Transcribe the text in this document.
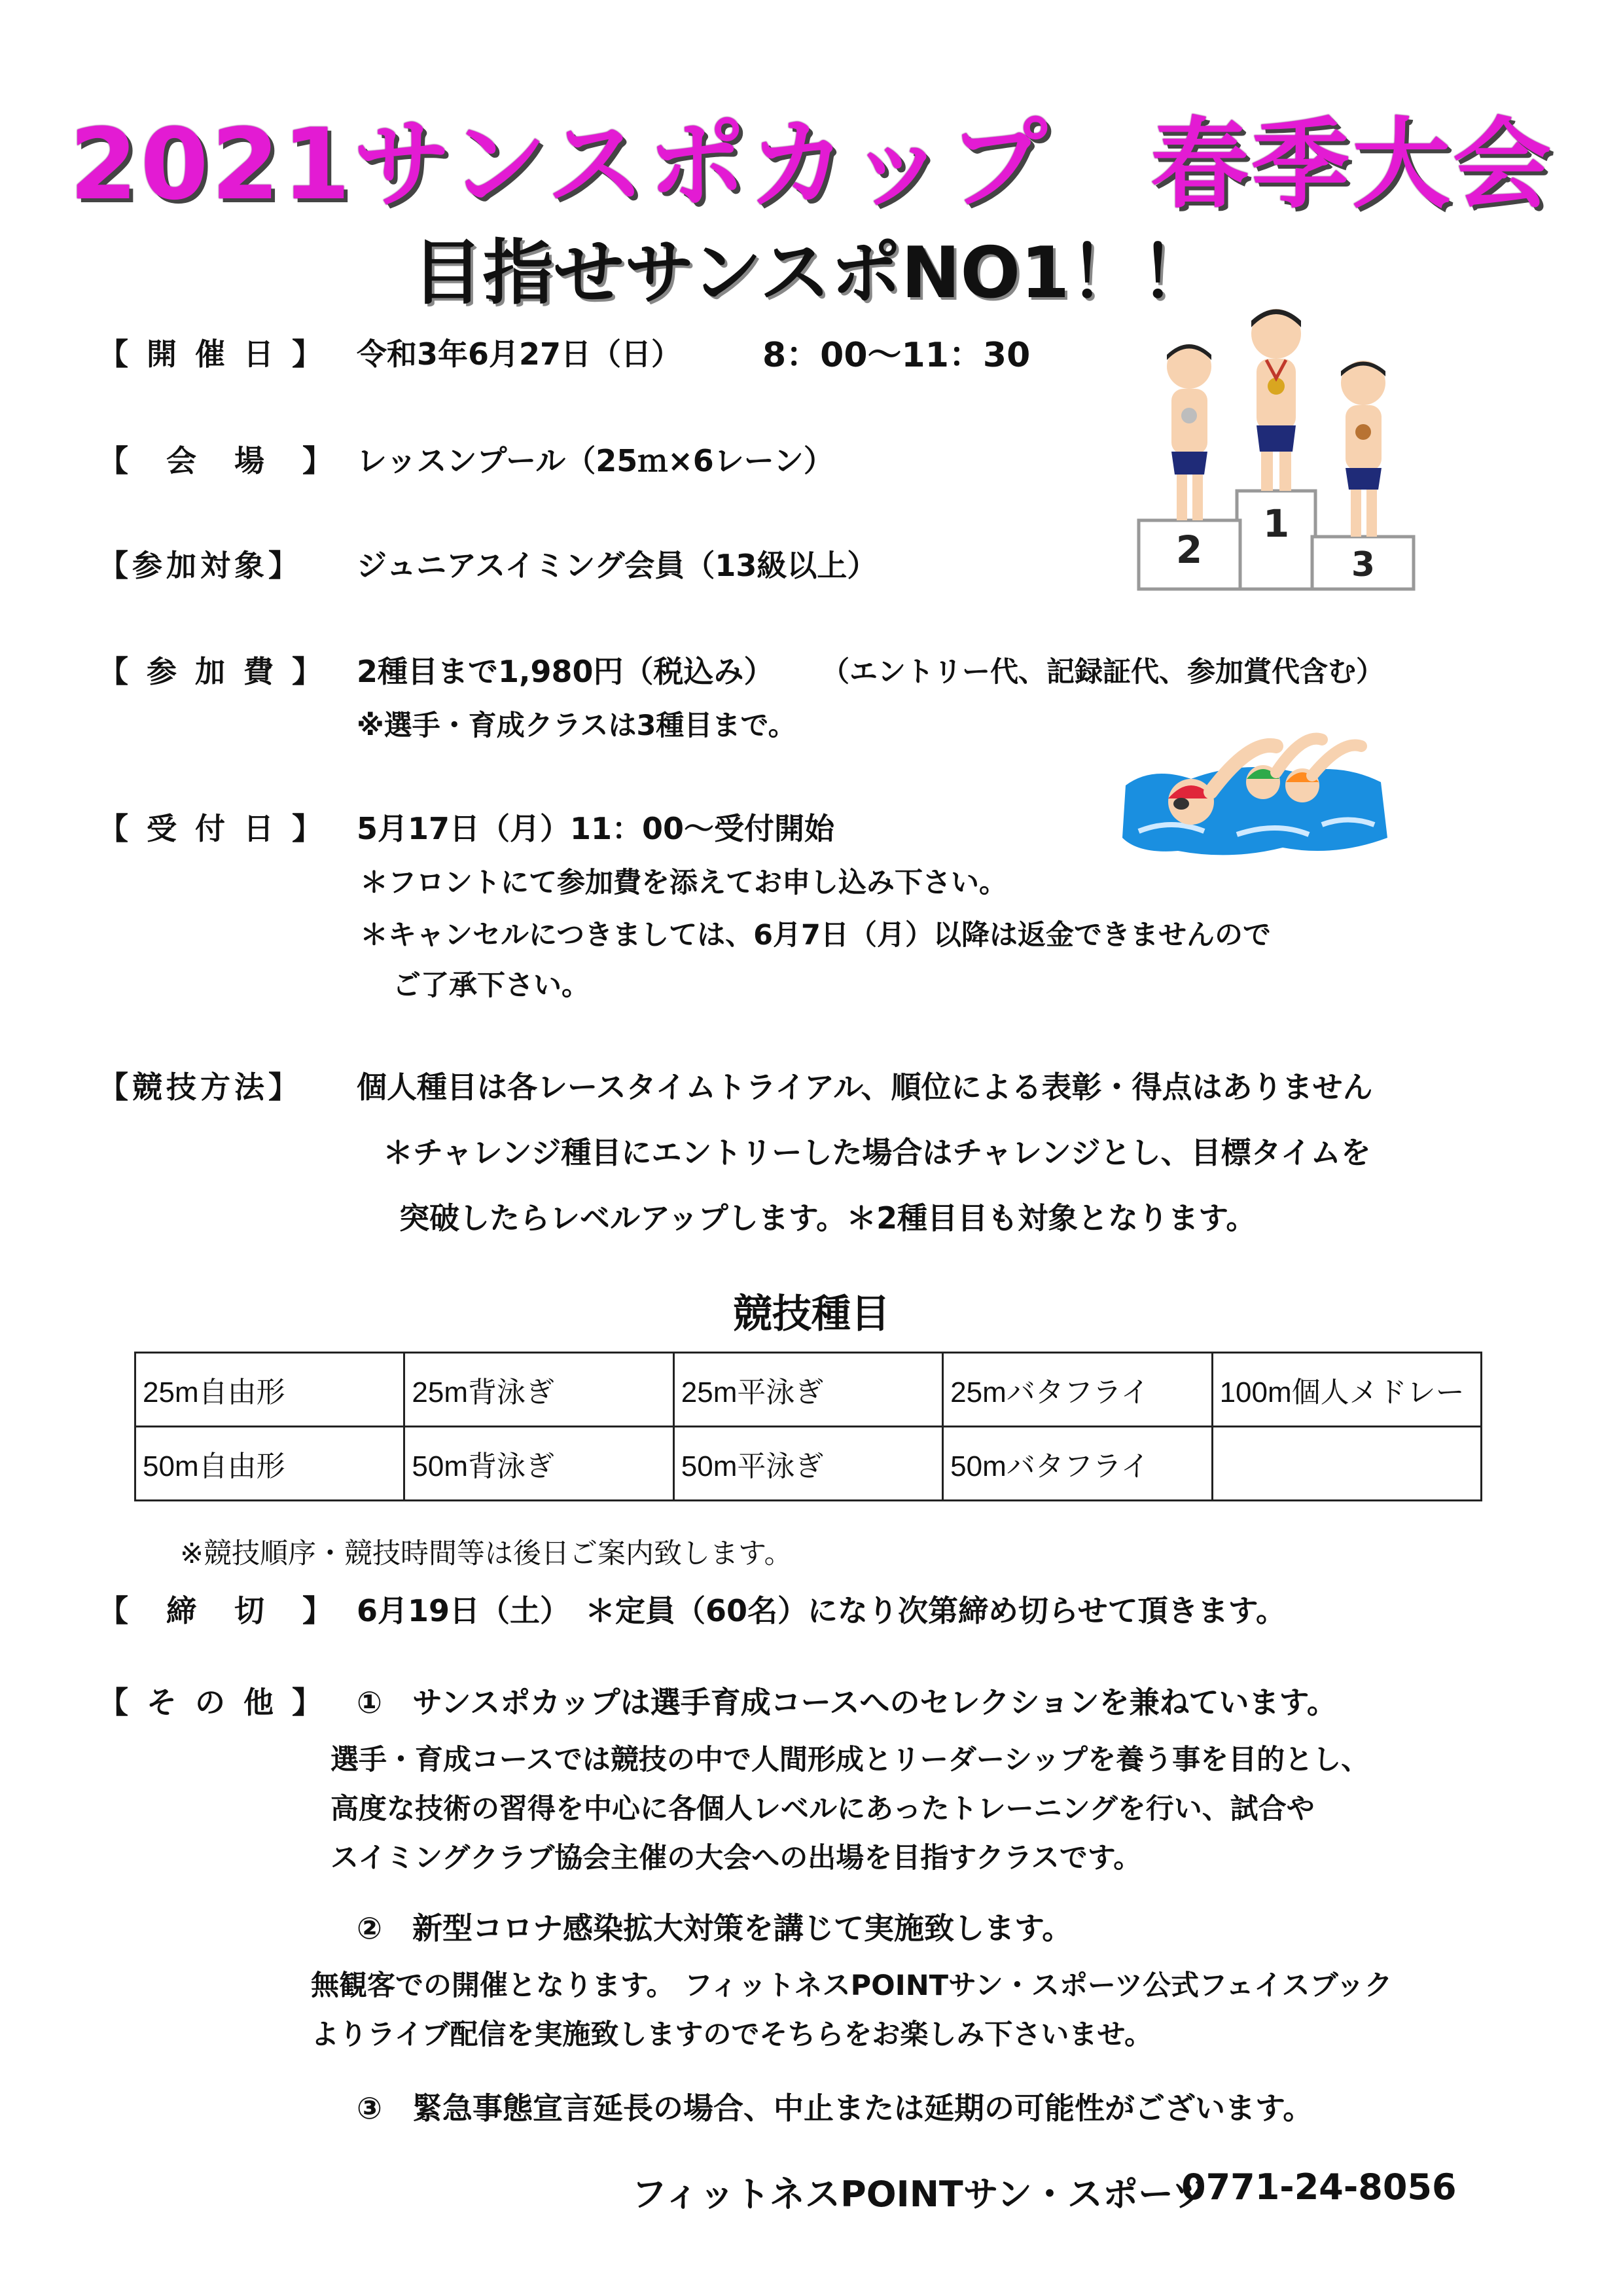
2021サンスポカップ　春季大会
目指せサンスポNO1！！
【 開 催 日 】 令和3年6月27日（日） 8：00〜11：30
【　会　場　】 レッスンプール（25ｍ×6レーン）
【参加対象】 ジュニアスイミング会員（13級以上）
【 参 加 費 】 2種目まで1,980円（税込み） （エントリー代、記録証代、参加賞代含む）
※選手・育成クラスは3種目まで。
【 受 付 日 】 5月17日（月）11：00〜受付開始
＊フロントにて参加費を添えてお申し込み下さい。
＊キャンセルにつきましては、6月7日（月）以降は返金できませんので
ご了承下さい。
【競技方法】 個人種目は各レースタイムトライアル、順位による表彰・得点はありません
＊チャレンジ種目にエントリーした場合はチャレンジとし、目標タイムを
突破したらレベルアップします。＊2種目目も対象となります。
競技種目
25m自由形	25m背泳ぎ	25m平泳ぎ	25mバタフライ	100m個人メドレー
50m自由形	50m背泳ぎ	50m平泳ぎ	50mバタフライ	
※競技順序・競技時間等は後日ご案内致します。
【　締　切　】 6月19日（土）　＊定員（60名）になり次第締め切らせて頂きます。
【 そ の 他 】 ①　サンスポカップは選手育成コースへのセレクションを兼ねています。
選手・育成コースでは競技の中で人間形成とリーダーシップを養う事を目的とし、
高度な技術の習得を中心に各個人レベルにあったトレーニングを行い、試合や
スイミングクラブ協会主催の大会への出場を目指すクラスです。
②　新型コロナ感染拡大対策を講じて実施致します。
無観客での開催となります。 フィットネスPOINTサン・スポーツ公式フェイスブック
よりライブ配信を実施致しますのでそちらをお楽しみ下さいませ。
③　緊急事態宣言延長の場合、中止または延期の可能性がございます。
フィットネスPOINTサン・スポーツ
0771-24-8056
1
2	3
